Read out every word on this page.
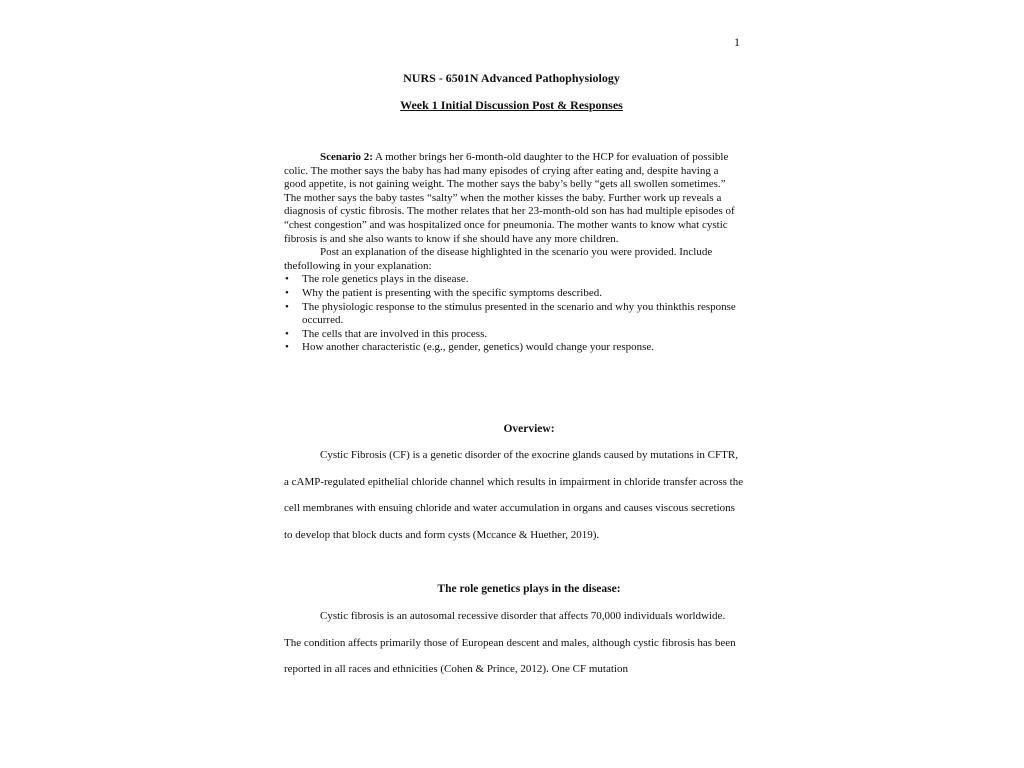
1
NURS - 6501N Advanced Pathophysiology
Week 1 Initial Discussion Post & Responses

Scenario 2: A mother brings her 6-month-old daughter to the HCP for evaluation of possible colic. The mother says the baby has had many episodes of crying after eating and, despite having a good appetite, is not gaining weight. The mother says the baby’s belly “gets all swollen sometimes.” The mother says the baby tastes “salty” when the mother kisses the baby. Further work up reveals a diagnosis of cystic fibrosis. The mother relates that her 23-month-old son has had multiple episodes of “chest congestion” and was hospitalized once for pneumonia. The mother wants to know what cystic fibrosis is and she also wants to know if she should have any more children.

Post an explanation of the disease highlighted in the scenario you were provided. Include thefollowing in your explanation:

• The role genetics plays in the disease.
• Why the patient is presenting with the specific symptoms described.
• The physiologic response to the stimulus presented in the scenario and why you thinkthis response occurred.
• The cells that are involved in this process.
• How another characteristic (e.g., gender, genetics) would change your response.
Overview:
Cystic Fibrosis (CF) is a genetic disorder of the exocrine glands caused by mutations in CFTR, a cAMP-regulated epithelial chloride channel which results in impairment in chloride transfer across the cell membranes with ensuing chloride and water accumulation in organs and causes viscous secretions to develop that block ducts and form cysts (Mccance & Huether, 2019).
The role genetics plays in the disease:
Cystic fibrosis is an autosomal recessive disorder that affects 70,000 individuals worldwide. The condition affects primarily those of European descent and males, although cystic fibrosis has been reported in all races and ethnicities (Cohen & Prince, 2012). One CF mutation
